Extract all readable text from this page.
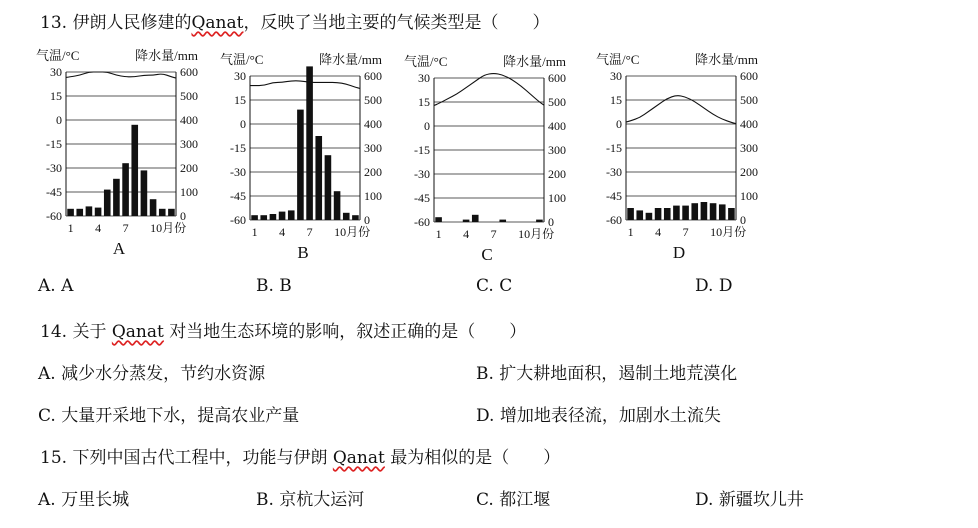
13. 伊朗人民修建的Qanat，反映了当地主要的气候类型是（　　）
气温/°C	降水量/mm
30	600
15	500
0	400
-15	300
-30	200
-45	100
-60	0
1 4 7 10月份
A
气温/°C	降水量/mm
30	600
15	500
0	400
-15	300
-30	200
-45	100
-60	0
1 4 7 10月份
B
气温/°C	降水量/mm
30	600
15	500
0	400
-15	300
-30	200
-45	100
-60	0
1 4 7 10月份
C
气温/°C	降水量/mm
30	600
15	500
0	400
-15	300
-30	200
-45	100
-60	0
1 4 7 10月份
D
A. A	B. B	C. C	D. D
14. 关于 Qanat 对当地生态环境的影响，叙述正确的是（　　）
A. 减少水分蒸发，节约水资源	B. 扩大耕地面积，遏制土地荒漠化
C. 大量开采地下水，提高农业产量	D. 增加地表径流，加剧水土流失
15. 下列中国古代工程中，功能与伊朗 Qanat 最为相似的是（　　）
A. 万里长城	B. 京杭大运河	C. 都江堰	D. 新疆坎儿井
